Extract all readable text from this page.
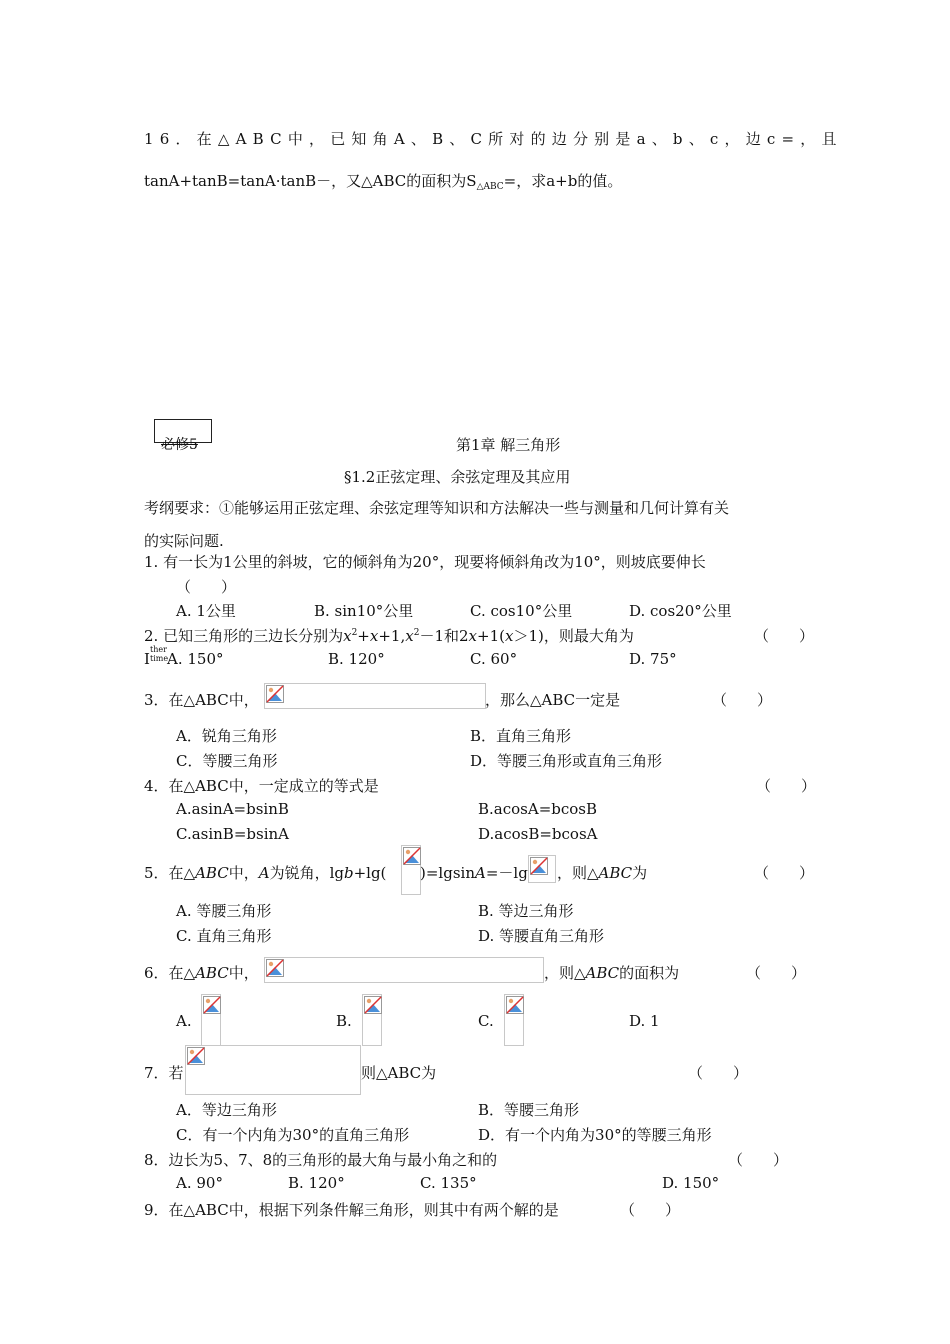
16．在△ABC中，已知角A、B、C所对的边分别是a、b、c，边c=，且
tanA+tanB=tanA·tanB－，又△ABC的面积为$S_{\triangle ABC}=$，求a+b的值。
必修5	第1章 解三角形
§1.2正弦定理、余弦定理及其应用
考纲要求：①能够运用正弦定理、余弦定理等知识和方法解决一些与测量和几何计算有关
的实际问题.
1. 有一长为1公里的斜坡，它的倾斜角为20°，现要将倾斜角改为10°，则坡底要伸长
（　　）
A. 1公里	B. sin10°公里	C. cos10°公里	D. cos20°公里
2. 已知三角形的三边长分别为$x^2+x+1,x^2-1$和2x+1(x＞1)，则最大角为	（　　）
Ⅰ
ther
time
A. 150°	B. 120°	C. 60°	D. 75°
3．在△ABC中，	，那么△ABC一定是	（　　）
A．锐角三角形	B．直角三角形
C．等腰三角形	D．等腰三角形或直角三角形
4．在△ABC中，一定成立的等式是	（　　）
A.asinA=bsinB	B.acosA=bcosB
C.asinB=bsinA	D.acosB=bcosA
5．在△ABC中，A为锐角，lgb+lg( )=lgsinA=－lg ，则△ABC为	（　　）
A. 等腰三角形	B. 等边三角形
C. 直角三角形	D. 等腰直角三角形
6．在△ABC中，	，则△ABC的面积为	（　　）
A.	B.	C.	D. 1
7．若	则△ABC为	（　　）
A．等边三角形	B．等腰三角形
C．有一个内角为30°的直角三角形	D．有一个内角为30°的等腰三角形
8．边长为5、7、8的三角形的最大角与最小角之和的	（　　）
A. 90°	B. 120°	C. 135°	D. 150°
9．在△ABC中，根据下列条件解三角形，则其中有两个解的是	（　　）
